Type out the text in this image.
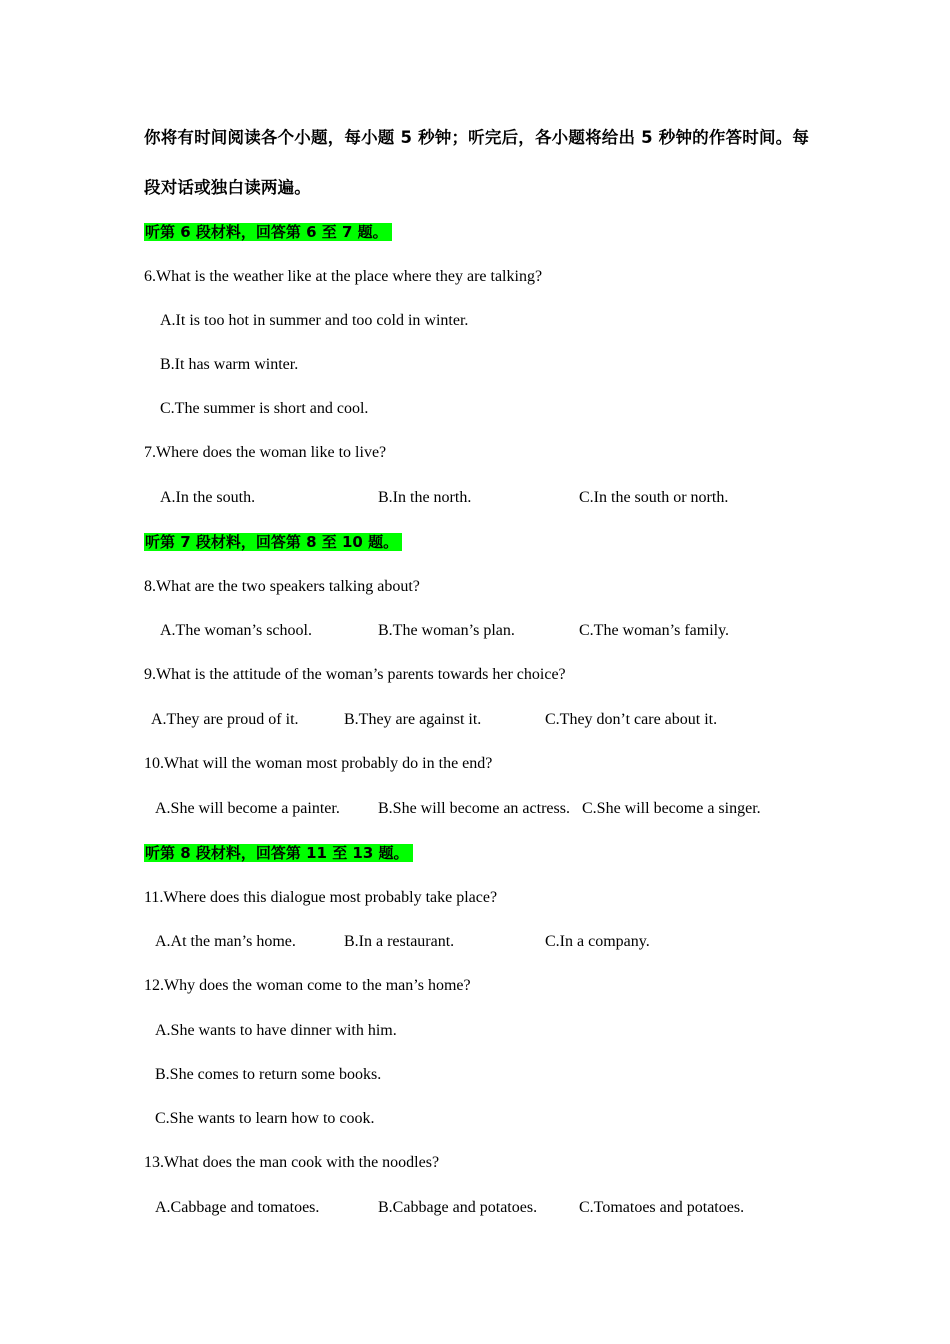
你将有时间阅读各个小题，每小题 5 秒钟；听完后，各小题将给出 5 秒钟的作答时间。每
段对话或独白读两遍。
听第 6 段材料，回答第 6 至 7 题。
6.What is the weather like at the place where they are talking?
A.It is too hot in summer and too cold in winter.
B.It has warm winter.
C.The summer is short and cool.
7.Where does the woman like to live?
A.In the south.	B.In the north.	C.In the south or north.
听第 7 段材料，回答第 8 至 10 题。
8.What are the two speakers talking about?
A.The woman’s school.	B.The woman’s plan.	C.The woman’s family.
9.What is the attitude of the woman’s parents towards her choice?
A.They are proud of it.	B.They are against it.	C.They don’t care about it.
10.What will the woman most probably do in the end?
A.She will become a painter. B.She will become an actress. C.She will become a singer.
听第 8 段材料，回答第 11 至 13 题。
11.Where does this dialogue most probably take place?
A.At the man’s home.	B.In a restaurant.	C.In a company.
12.Why does the woman come to the man’s home?
A.She wants to have dinner with him.
B.She comes to return some books.
C.She wants to learn how to cook.
13.What does the man cook with the noodles?
A.Cabbage and tomatoes.	B.Cabbage and potatoes.	C.Tomatoes and potatoes.
